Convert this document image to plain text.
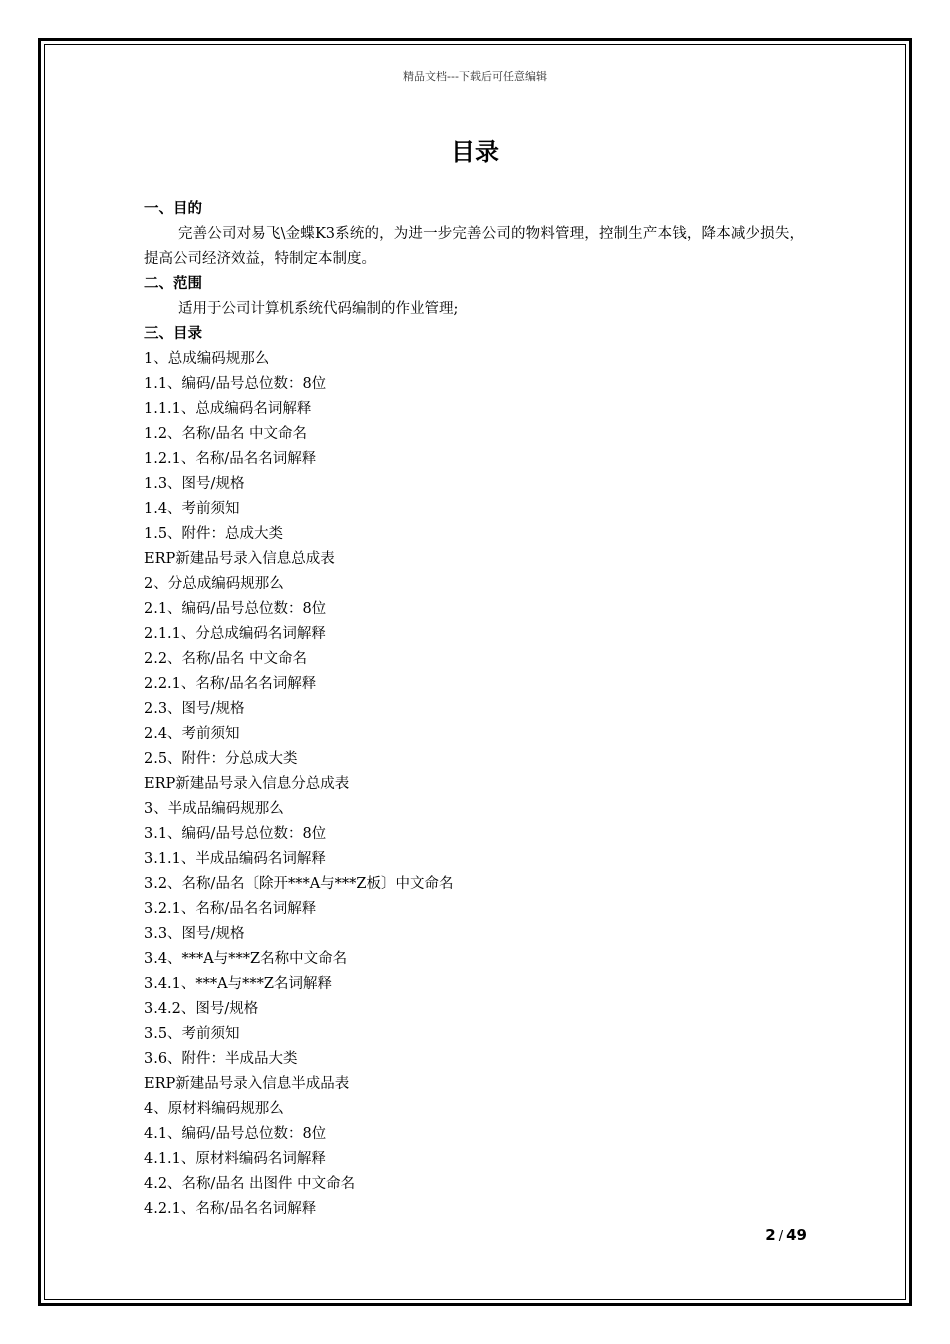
精品文档---下载后可任意编辑
目录
一、目的
完善公司对易飞\金蝶K3系统的，为进一步完善公司的物料管理，控制生产本钱，降本减少损失，提高公司经济效益，特制定本制度。
二、范围
适用于公司计算机系统代码编制的作业管理;
三、目录
1、总成编码规那么
1.1、编码/品号总位数：8位
1.1.1、总成编码名词解释
1.2、名称/品名 中文命名
1.2.1、名称/品名名词解释
1.3、图号/规格
1.4、考前须知
1.5、附件：总成大类
ERP新建品号录入信息总成表
2、分总成编码规那么
2.1、编码/品号总位数：8位
2.1.1、分总成编码名词解释
2.2、名称/品名 中文命名
2.2.1、名称/品名名词解释
2.3、图号/规格
2.4、考前须知
2.5、附件：分总成大类
ERP新建品号录入信息分总成表
3、半成品编码规那么
3.1、编码/品号总位数：8位
3.1.1、半成品编码名词解释
3.2、名称/品名〔除开***A与***Z板〕中文命名
3.2.1、名称/品名名词解释
3.3、图号/规格
3.4、***A与***Z名称中文命名
3.4.1、***A与***Z名词解释
3.4.2、图号/规格
3.5、考前须知
3.6、附件：半成品大类
ERP新建品号录入信息半成品表
4、原材料编码规那么
4.1、编码/品号总位数：8位
4.1.1、原材料编码名词解释
4.2、名称/品名 出图件 中文命名
4.2.1、名称/品名名词解释
2 / 49
